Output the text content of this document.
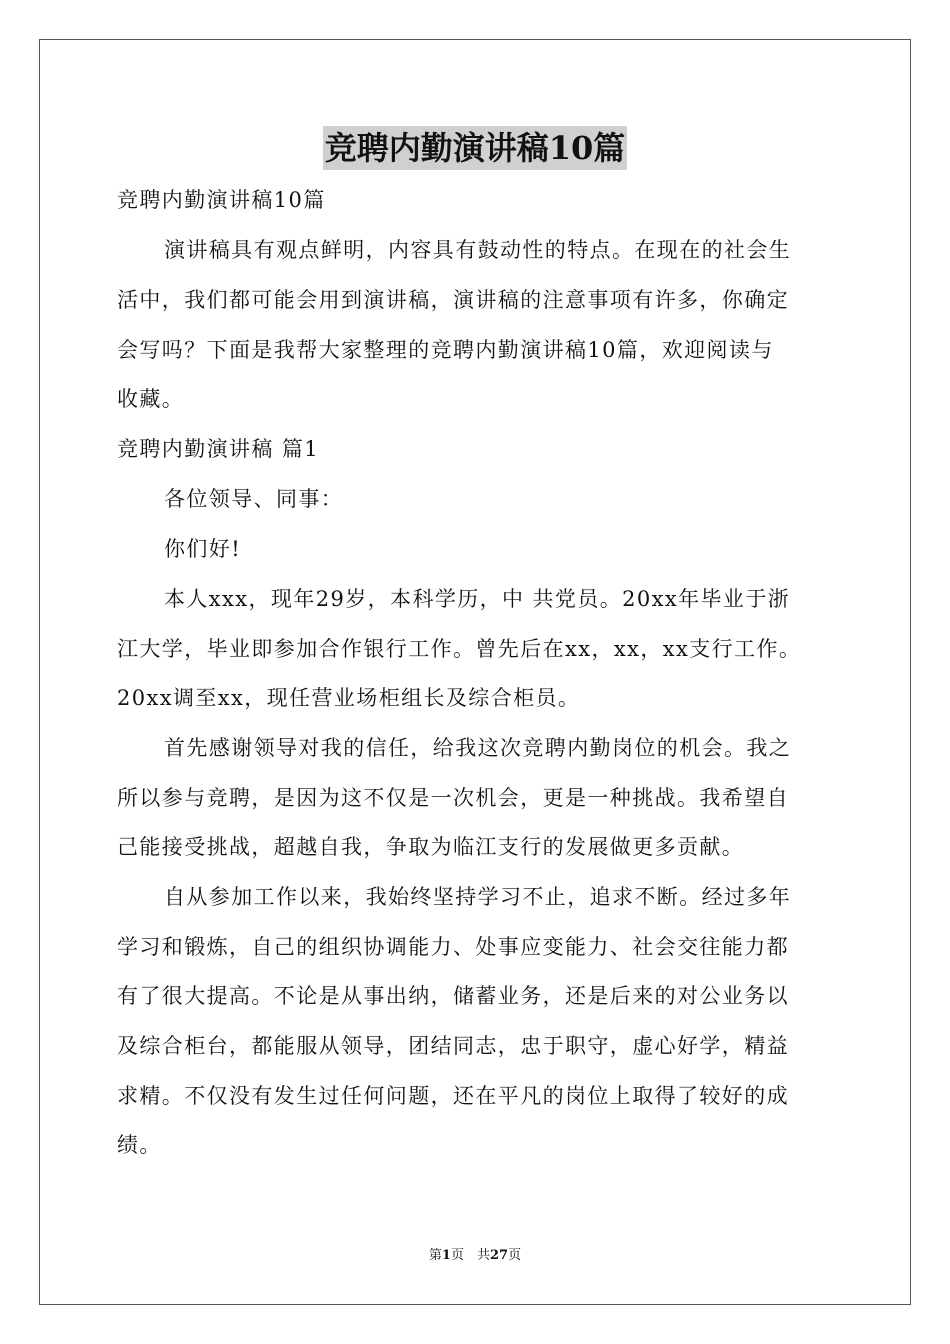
竞聘内勤演讲稿10篇
竞聘内勤演讲稿10篇
演讲稿具有观点鲜明，内容具有鼓动性的特点。在现在的社会生
活中，我们都可能会用到演讲稿，演讲稿的注意事项有许多，你确定
会写吗？下面是我帮大家整理的竞聘内勤演讲稿10篇，欢迎阅读与
收藏。
竞聘内勤演讲稿 篇1
各位领导、同事：
你们好!
本人xxx，现年29岁，本科学历，中 共党员。20xx年毕业于浙
江大学，毕业即参加合作银行工作。曾先后在xx，xx，xx支行工作。
20xx调至xx，现任营业场柜组长及综合柜员。
首先感谢领导对我的信任，给我这次竞聘内勤岗位的机会。我之
所以参与竞聘，是因为这不仅是一次机会，更是一种挑战。我希望自
己能接受挑战，超越自我，争取为临江支行的发展做更多贡献。
自从参加工作以来，我始终坚持学习不止，追求不断。经过多年
学习和锻炼，自己的组织协调能力、处事应变能力、社会交往能力都
有了很大提高。不论是从事出纳，储蓄业务，还是后来的对公业务以
及综合柜台，都能服从领导，团结同志，忠于职守，虚心好学，精益
求精。不仅没有发生过任何问题，还在平凡的岗位上取得了较好的成
绩。
第1页　共27页
